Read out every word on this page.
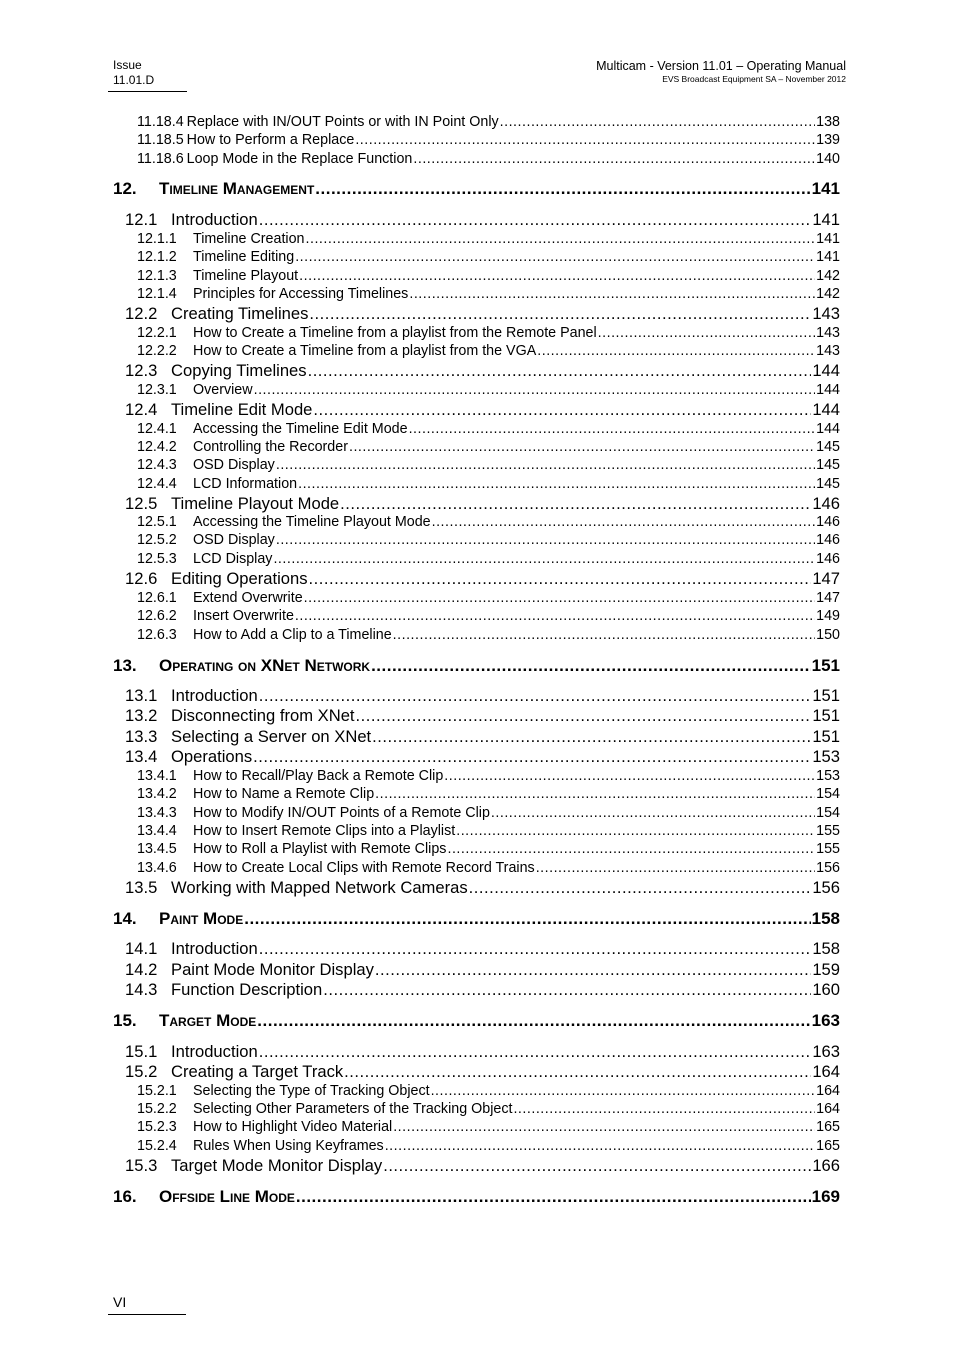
Issue
11.01.D
Multicam - Version 11.01 – Operating Manual
EVS Broadcast Equipment SA – November 2012
11.18.4 Replace with IN/OUT Points or with IN Point Only .....	138
11.18.5 How to Perform a Replace .....	139
11.18.6 Loop Mode in the Replace Function .....	140
12.	Timeline Management .....	141
12.1 Introduction .....	141
12.1.1	Timeline Creation .....	141
12.1.2	Timeline Editing .....	141
12.1.3	Timeline Playout .....	142
12.1.4	Principles for Accessing Timelines .....	142
12.2 Creating Timelines .....	143
12.2.1	How to Create a Timeline from a playlist from the Remote Panel .....	143
12.2.2	How to Create a Timeline from a playlist from the VGA .....	143
12.3 Copying Timelines .....	144
12.3.1	Overview .....	144
12.4 Timeline Edit Mode .....	144
12.4.1	Accessing the Timeline Edit Mode .....	144
12.4.2	Controlling the Recorder .....	145
12.4.3	OSD Display .....	145
12.4.4	LCD Information .....	145
12.5 Timeline Playout Mode .....	146
12.5.1	Accessing the Timeline Playout Mode .....	146
12.5.2	OSD Display .....	146
12.5.3	LCD Display .....	146
12.6 Editing Operations .....	147
12.6.1	Extend Overwrite .....	147
12.6.2	Insert Overwrite .....	149
12.6.3	How to Add a Clip to a Timeline .....	150
13.	Operating on XNet Network .....	151
13.1 Introduction .....	151
13.2 Disconnecting from XNet .....	151
13.3 Selecting a Server on XNet .....	151
13.4 Operations .....	153
13.4.1	How to Recall/Play Back a Remote Clip .....	153
13.4.2	How to Name a Remote Clip .....	154
13.4.3	How to Modify IN/OUT Points of a Remote Clip .....	154
13.4.4	How to Insert Remote Clips into a Playlist .....	155
13.4.5	How to Roll a Playlist with Remote Clips .....	155
13.4.6	How to Create Local Clips with Remote Record Trains .....	156
13.5 Working with Mapped Network Cameras .....	156
14.	Paint Mode .....	158
14.1 Introduction .....	158
14.2 Paint Mode Monitor Display .....	159
14.3 Function Description .....	160
15.	Target Mode .....	163
15.1 Introduction .....	163
15.2 Creating a Target Track .....	164
15.2.1	Selecting the Type of Tracking Object .....	164
15.2.2	Selecting Other Parameters of the Tracking Object .....	164
15.2.3	How to Highlight Video Material .....	165
15.2.4	Rules When Using Keyframes .....	165
15.3 Target Mode Monitor Display .....	166
16.	Offside Line Mode .....	169
VI
